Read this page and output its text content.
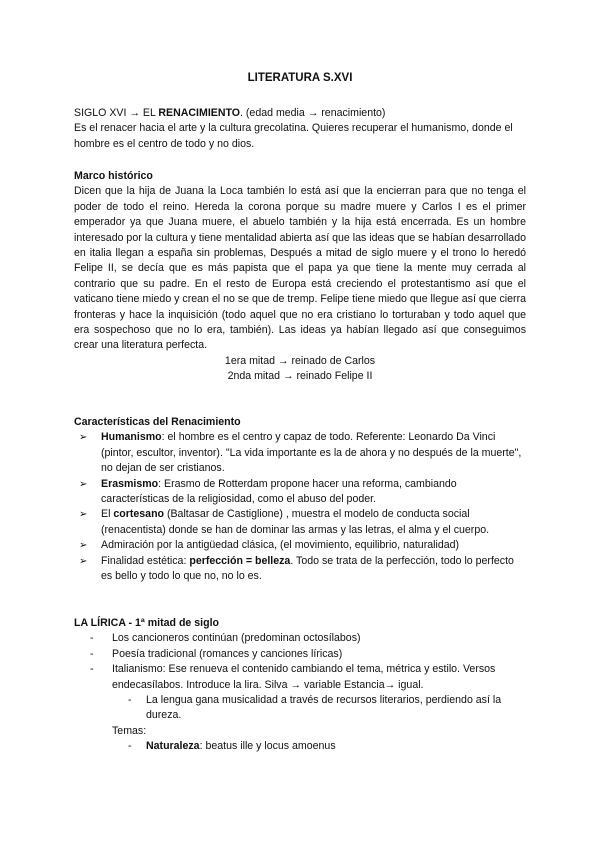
LITERATURA S.XVI

SIGLO XVI → EL RENACIMIENTO. (edad media → renacimiento)

Es el renacer hacia el arte y la cultura grecolatina. Quieres recuperar el humanismo, donde el hombre es el centro de todo y no dios.

Marco histórico

Dicen que la hija de Juana la Loca también lo está así que la encierran para que no tenga el poder de todo el reino. Hereda la corona porque su madre muere y Carlos I es el primer emperador ya que Juana muere, el abuelo también y la hija está encerrada. Es un hombre interesado por la cultura y tiene mentalidad abierta así que las ideas que se habían desarrollado en italia llegan a españa sin problemas, Después a mitad de siglo muere y el trono lo heredó Felipe II, se decía que es más papista que el papa ya que tiene la mente muy cerrada al contrario que su padre. En el resto de Europa está creciendo el protestantismo así que el vaticano tiene miedo y crean el no se que de tremp. Felipe tiene miedo que llegue así que cierra fronteras y hace la inquisición (todo aquel que no era cristiano lo torturaban y todo aquel que era sospechoso que no lo era, también). Las ideas ya habían llegado así que conseguimos crear una literatura perfecta.

1era mitad → reinado de Carlos

2nda mitad → reinado Felipe II

Características del Renacimiento

➢	Humanismo: el hombre es el centro y capaz de todo. Referente: Leonardo Da Vinci (pintor, escultor, inventor). "La vida importante es la de ahora y no después de la muerte", no dejan de ser cristianos.
➢	Erasmismo: Erasmo de Rotterdam propone hacer una reforma, cambiando características de la religiosidad, como el abuso del poder.
➢	El cortesano (Baltasar de Castiglione) , muestra el modelo de conducta social (renacentista) donde se han de dominar las armas y las letras, el alma y el cuerpo.
➢	Admiración por la antigüedad clásica, (el movimiento, equilibrio, naturalidad)
➢	Finalidad estética: perfección = belleza. Todo se trata de la perfección, todo lo perfecto es bello y todo lo que no, no lo es.

LA LÍRICA - 1ª mitad de siglo

-	Los cancioneros continúan (predominan octosílabos)
-	Poesía tradicional (romances y canciones líricas)
-	Italianismo: Ese renueva el contenido cambiando el tema, métrica y estilo. Versos endecasílabos. Introduce la lira. Silva → variable Estancia→ igual.
-	La lengua gana musicalidad a través de recursos literarios, perdiendo así la dureza.

Temas:

-	Naturaleza: beatus ille y locus amoenus
